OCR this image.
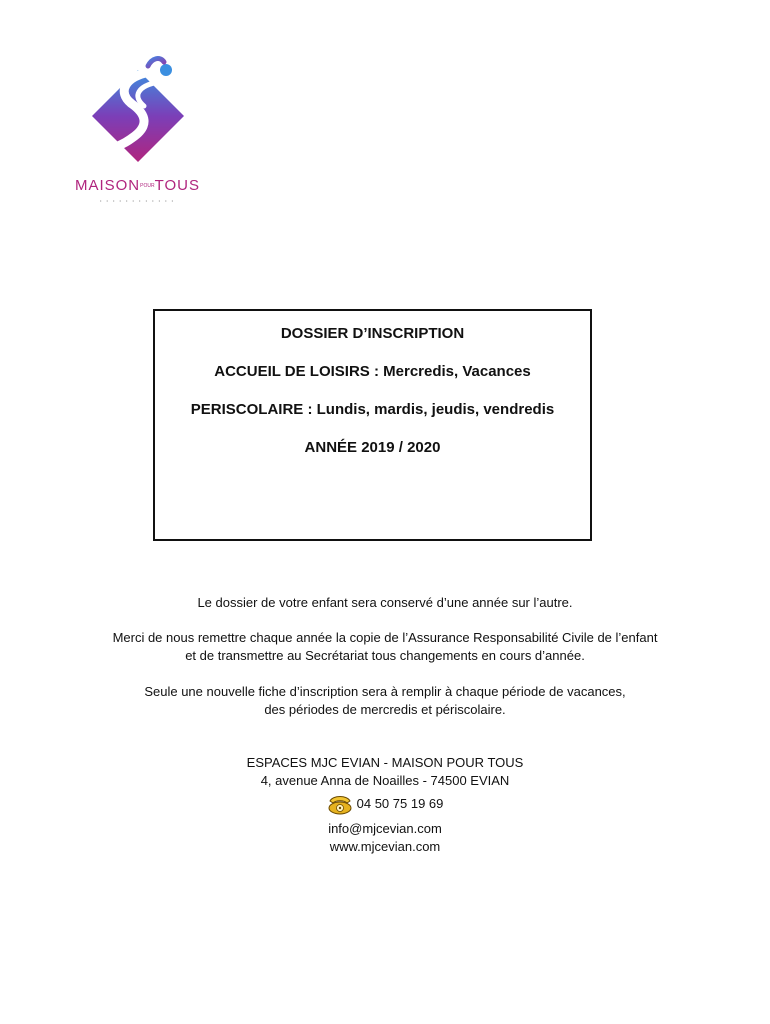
MAISONPOURTOUS
• • • • • • • • • • • •
DOSSIER D’INSCRIPTION
ACCUEIL DE LOISIRS : Mercredis, Vacances
PERISCOLAIRE : Lundis, mardis, jeudis, vendredis
ANNÉE 2019 / 2020

Le dossier de votre enfant sera conservé d’une année sur l’autre.

Merci de nous remettre chaque année la copie de l’Assurance Responsabilité Civile de l’enfant

et de transmettre au Secrétariat tous changements en cours d’année.

Seule une nouvelle fiche d’inscription sera à remplir à chaque période de vacances,

des périodes de mercredis et périscolaire.

ESPACES MJC EVIAN - MAISON POUR TOUS

4, avenue Anna de Noailles - 74500 EVIAN

04 50 75 19 69

info@mjcevian.com

www.mjcevian.com
